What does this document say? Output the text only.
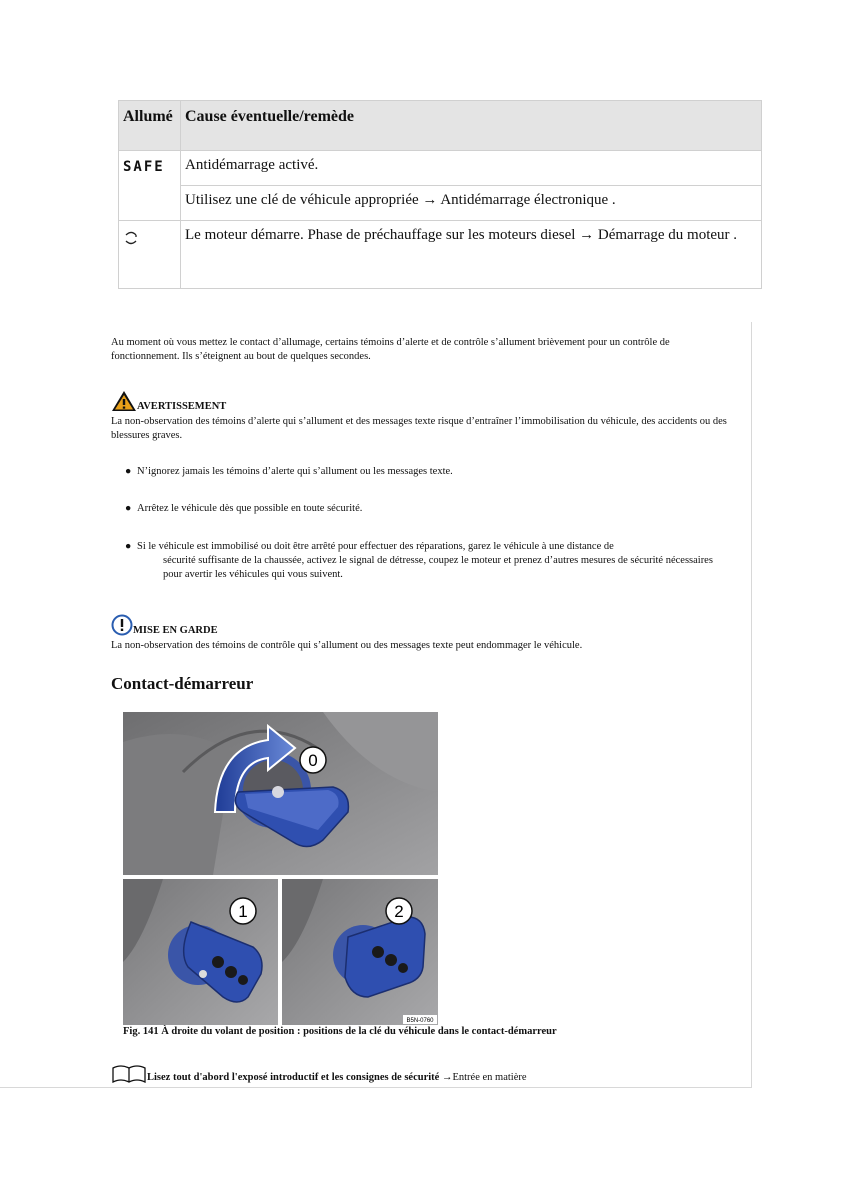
Allumé	Cause éventuelle/remède
SAFE	Antidémarrage activé.
	Utilisez une clé de véhicule appropriée → Antidémarrage électronique .
	Le moteur démarre. Phase de préchauffage sur les moteurs diesel → Démarrage du moteur .
Au moment où vous mettez le contact d’allumage, certains témoins d’alerte et de contrôle s’allument brièvement pour un contrôle de fonctionnement. Ils s’éteignent au bout de quelques secondes.
AVERTISSEMENT
La non-observation des témoins d’alerte qui s’allument et des messages texte risque d’entraîner l’immobilisation du véhicule, des accidents ou des blessures graves.
● N’ignorez jamais les témoins d’alerte qui s’allument ou les messages texte.
● Arrêtez le véhicule dès que possible en toute sécurité.
● Si le véhicule est immobilisé ou doit être arrêté pour effectuer des réparations, garez le véhicule à une distance de
sécurité suffisante de la chaussée, activez le signal de détresse, coupez le moteur et prenez d’autres mesures de sécurité nécessaires pour avertir les véhicules qui vous suivent.
MISE EN GARDE
La non-observation des témoins de contrôle qui s’allument ou des messages texte peut endommager le véhicule.
Contact-démarreur
0
1	2
B5N-0760
Fig. 141 À droite du volant de position : positions de la clé du véhicule dans le contact-démarreur
Lisez tout d'abord l'exposé introductif et les consignes de sécurité →Entrée en matière
